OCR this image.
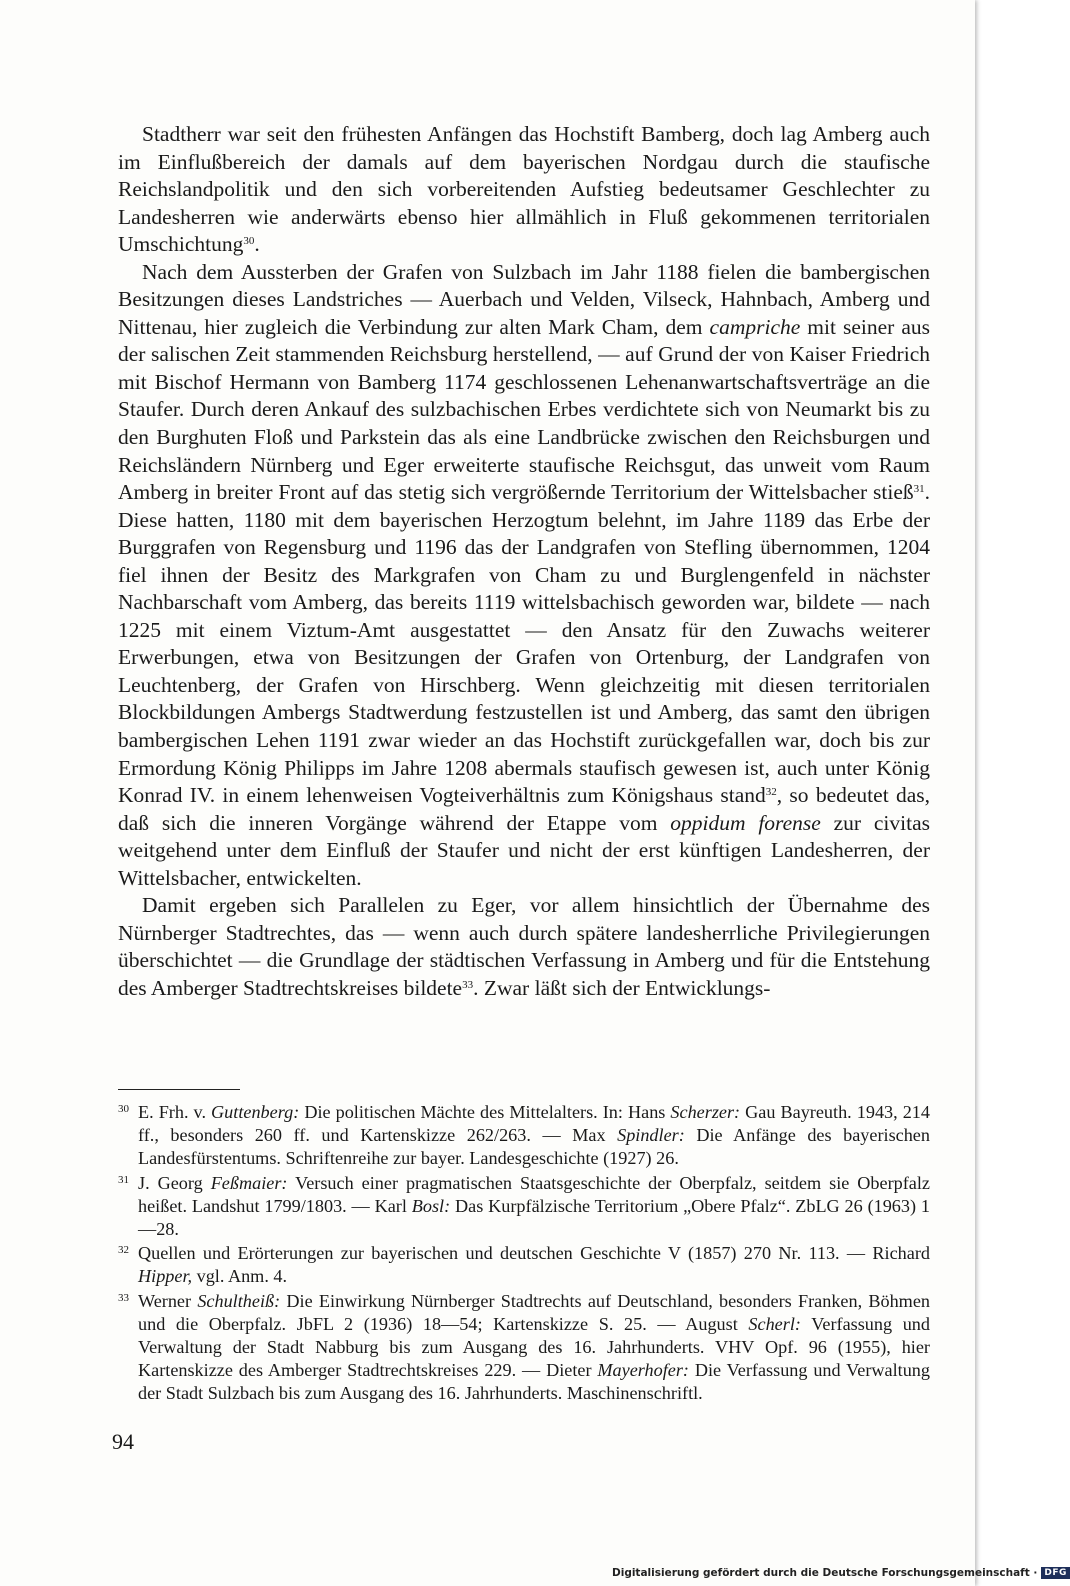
Stadtherr war seit den frühesten Anfängen das Hochstift Bamberg, doch lag Amberg auch im Einflußbereich der damals auf dem bayerischen Nordgau durch die staufische Reichslandpolitik und den sich vorbereitenden Aufstieg bedeutsamer Geschlechter zu Landesherren wie anderwärts ebenso hier allmählich in Fluß gekommenen territorialen Umschichtung$^{30}$.

Nach dem Aussterben der Grafen von Sulzbach im Jahr 1188 fielen die bambergischen Besitzungen dieses Landstriches — Auerbach und Velden, Vilseck, Hahnbach, Amberg und Nittenau, hier zugleich die Verbindung zur alten Mark Cham, dem campriche mit seiner aus der salischen Zeit stammenden Reichsburg herstellend, — auf Grund der von Kaiser Friedrich mit Bischof Hermann von Bamberg 1174 geschlossenen Lehenanwartschaftsverträge an die Staufer. Durch deren Ankauf des sulzbachischen Erbes verdichtete sich von Neumarkt bis zu den Burghuten Floß und Parkstein das als eine Landbrücke zwischen den Reichsburgen und Reichsländern Nürnberg und Eger erweiterte staufische Reichsgut, das unweit vom Raum Amberg in breiter Front auf das stetig sich vergrößernde Territorium der Wittelsbacher stieß$^{31}$. Diese hatten, 1180 mit dem bayerischen Herzogtum belehnt, im Jahre 1189 das Erbe der Burggrafen von Regensburg und 1196 das der Landgrafen von Stefling übernommen, 1204 fiel ihnen der Besitz des Markgrafen von Cham zu und Burglengenfeld in nächster Nachbarschaft vom Amberg, das bereits 1119 wittelsbachisch geworden war, bildete — nach 1225 mit einem Viztum-Amt ausgestattet — den Ansatz für den Zuwachs weiterer Erwerbungen, etwa von Besitzungen der Grafen von Ortenburg, der Landgrafen von Leuchtenberg, der Grafen von Hirschberg. Wenn gleichzeitig mit diesen territorialen Blockbildungen Ambergs Stadtwerdung festzustellen ist und Amberg, das samt den übrigen bambergischen Lehen 1191 zwar wieder an das Hochstift zurückgefallen war, doch bis zur Ermordung König Philipps im Jahre 1208 abermals staufisch gewesen ist, auch unter König Konrad IV. in einem lehenweisen Vogteiverhältnis zum Königshaus stand$^{32}$, so bedeutet das, daß sich die inneren Vorgänge während der Etappe vom oppidum forense zur civitas weitgehend unter dem Einfluß der Staufer und nicht der erst künftigen Landesherren, der Wittelsbacher, entwickelten.

Damit ergeben sich Parallelen zu Eger, vor allem hinsichtlich der Übernahme des Nürnberger Stadtrechtes, das — wenn auch durch spätere landesherrliche Privilegierungen überschichtet — die Grundlage der städtischen Verfassung in Amberg und für die Entstehung des Amberger Stadtrechtskreises bildete$^{33}$. Zwar läßt sich der Entwicklungs-

30 E. Frh. v. Guttenberg: Die politischen Mächte des Mittelalters. In: Hans Scherzer: Gau Bayreuth. 1943, 214 ff., besonders 260 ff. und Kartenskizze 262/263. — Max Spindler: Die Anfänge des bayerischen Landesfürstentums. Schriftenreihe zur bayer. Landesgeschichte (1927) 26.

31 J. Georg Feßmaier: Versuch einer pragmatischen Staatsgeschichte der Oberpfalz, seitdem sie Oberpfalz heißet. Landshut 1799/1803. — Karl Bosl: Das Kurpfälzische Territorium „Obere Pfalz“. ZbLG 26 (1963) 1—28.

32 Quellen und Erörterungen zur bayerischen und deutschen Geschichte V (1857) 270 Nr. 113. — Richard Hipper, vgl. Anm. 4.

33 Werner Schultheiß: Die Einwirkung Nürnberger Stadtrechts auf Deutschland, besonders Franken, Böhmen und die Oberpfalz. JbFL 2 (1936) 18—54; Kartenskizze S. 25. — August Scherl: Verfassung und Verwaltung der Stadt Nabburg bis zum Ausgang des 16. Jahrhunderts. VHV Opf. 96 (1955), hier Kartenskizze des Amberger Stadtrechtskreises 229. — Dieter Mayerhofer: Die Verfassung und Verwaltung der Stadt Sulzbach bis zum Ausgang des 16. Jahrhunderts. Maschinenschriftl.

94
Digitalisierung gefördert durch die Deutsche Forschungsgemeinschaft · DFG
